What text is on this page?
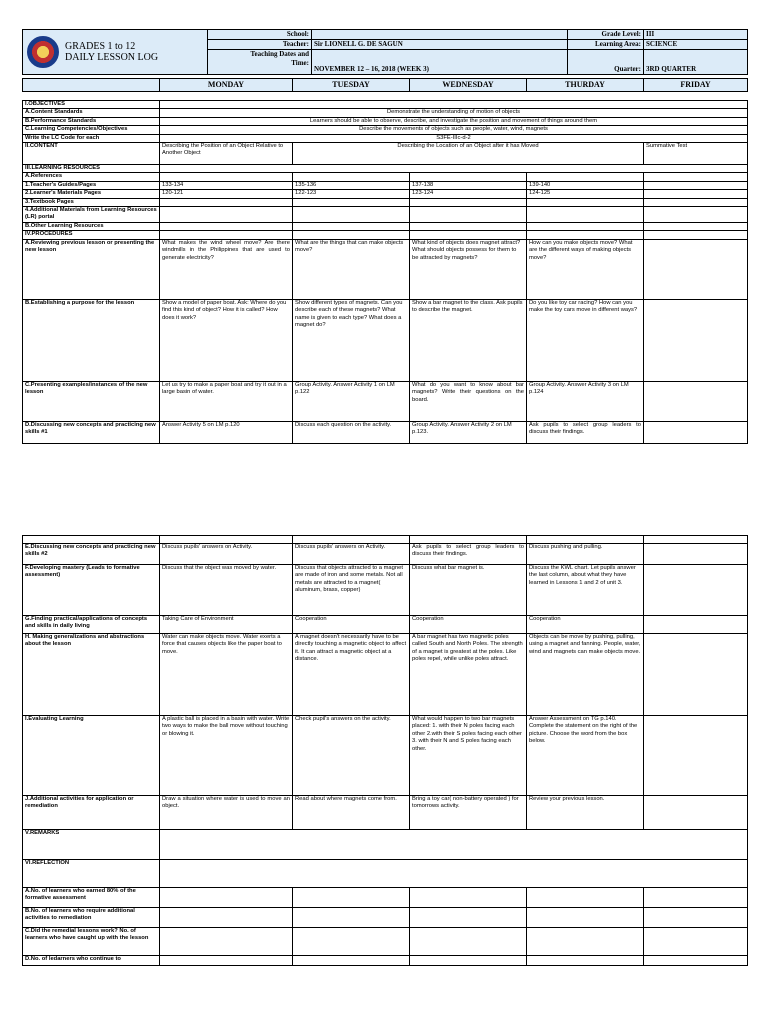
GRADES 1 to 12
DAILY LESSON LOG	School:		Grade Level:	III
	Teacher:	Sir LIONELL G. DE SAGUN	Learning Area:	SCIENCE
	Teaching Dates and
Time:	NOVEMBER 12 – 16, 2018 (WEEK 3)		
			Quarter:	3RD QUARTER
	MONDAY	TUESDAY	WEDNESDAY	THURDAY	FRIDAY
I.OBJECTIVES					
A.Content Standards	Demonstrate the understanding of motion of objects				
B.Performance Standards	Learners should be able to observe, describe, and investigate the position and movement of things around them				
C.Learning Competencies/Objectives	Describe the movements of objects such as people, water, wind, magnets				
Write the LC Code for each	S3FE-IIIc-d-2				
II.CONTENT	Describing the Position of an Object Relative to Another Object	Describing the Location of an Object after it has Moved			Summative Test
III.LEARNING RESOURCES					
A.References					
1.Teacher's Guides/Pages	133-134	135-136	137-138	139-140	
2.Learner's Materials Pages	120-121	122-123	123-124	124-125	
3.Textbook Pages					
4.Additional Materials from Learning Resources (LR) portal					
B.Other Learning Resources					
IV.PROCEDURES					
A.Reviewing previous lesson or presenting the new lesson	What makes the wind wheel move? Are there windmills in the Philippines that are used to generate electricity?	What are the things that can make objects move?	What kind of objects does magnet attract? What should objects possess for them to be attracted by magnets?	How can you make objects move? What are the different ways of making objects move?	
B.Establishing a purpose for the lesson	Show a model of paper boat. Ask: Where do you find this kind of object? How it is called? How does it work?	Show different types of magnets. Can you describe each of these magnets? What name is given to each type? What does a magnet do?	Show a bar magnet to the class. Ask pupils to describe the magnet.	Do you like toy car racing? How can you make the toy cars move in different ways?	
C.Presenting examples/instances of the new lesson	Let us try to make a paper boat and try it out in a large basin of water.	Group Activity. Answer Activity 1 on LM p.122	What do you want to know about bar magnets? Write their questions on the board.	Group Activity. Answer Activity 3 on LM p.124	
D.Discussing new concepts and practicing new skills #1	Answer Activity 5 on LM p.120	Discuss each question on the activity.	Group Activity. Answer Activity 2 on LM p.123.	Ask pupils to select group leaders to discuss their findings.	

E.Discussing new concepts and practicing new skills #2	Discuss pupils' answers on Activity.	Discuss pupils' answers on Activity.	Ask pupils to select group leaders to discuss their findings.	Discuss pushing and pulling.	
F.Developing mastery (Leads to formative assessment)	Discuss that the object was moved by water.	Discuss that objects attracted to a magnet are made of iron and some metals. Not all metals are attracted to a magnet( aluminum, brass, copper)	Discuss what bar magnet is.	Discuss the KWL chart. Let pupils answer the last column, about what they have learned in Lessons 1 and 2 of unit 3.	
G.Finding practical/applications of concepts and skills in daily living	Taking Care of Environment	Cooperation	Cooperation	Cooperation	
H. Making generalizations and abstractions about the lesson	Water can make objects move. Water exerts a force that causes objects like the paper boat to move.	A magnet doesn't necessarily have to be directly touching a magnetic object to affect it. It can attract a magnetic object at a distance.	A bar magnet has two magnetic poles called South and North Poles. The strength of a magnet is greatest at the poles. Like poles repel, while unlike poles attract.	Objects can be move by pushing, pulling, using a magnet and fanning. People, water, wind and magnets can make objects move.	
I.Evaluating Learning	A plastic ball is placed in a basin with water. Write two ways to make the ball move without touching or blowing it.	Check pupil's answers on the activity.	What would happen to two bar magnets placed: 1. with their N poles facing each other 2.with their S poles facing each other 3. with their N and S poles facing each other.	Answer Assessment on TG p.140. Complete the statement on the right of the picture. Choose the word from the box below.	
J.Additional activities for application or remediation	Draw a situation where water is used to move an object.	Read about where magnets come from.	Bring a toy car( non-battery operated ) for tomorrows activity.	Review your previous lesson.	
V.REMARKS					
VI.REFLECTION					
A.No. of learners who earned 80% of the formative assessment					
B.No. of learners who require additional activities to remediation					
C.Did the remedial lessons work? No. of learners who have caught up with the lesson					
D.No. of ledarners who continue to					
